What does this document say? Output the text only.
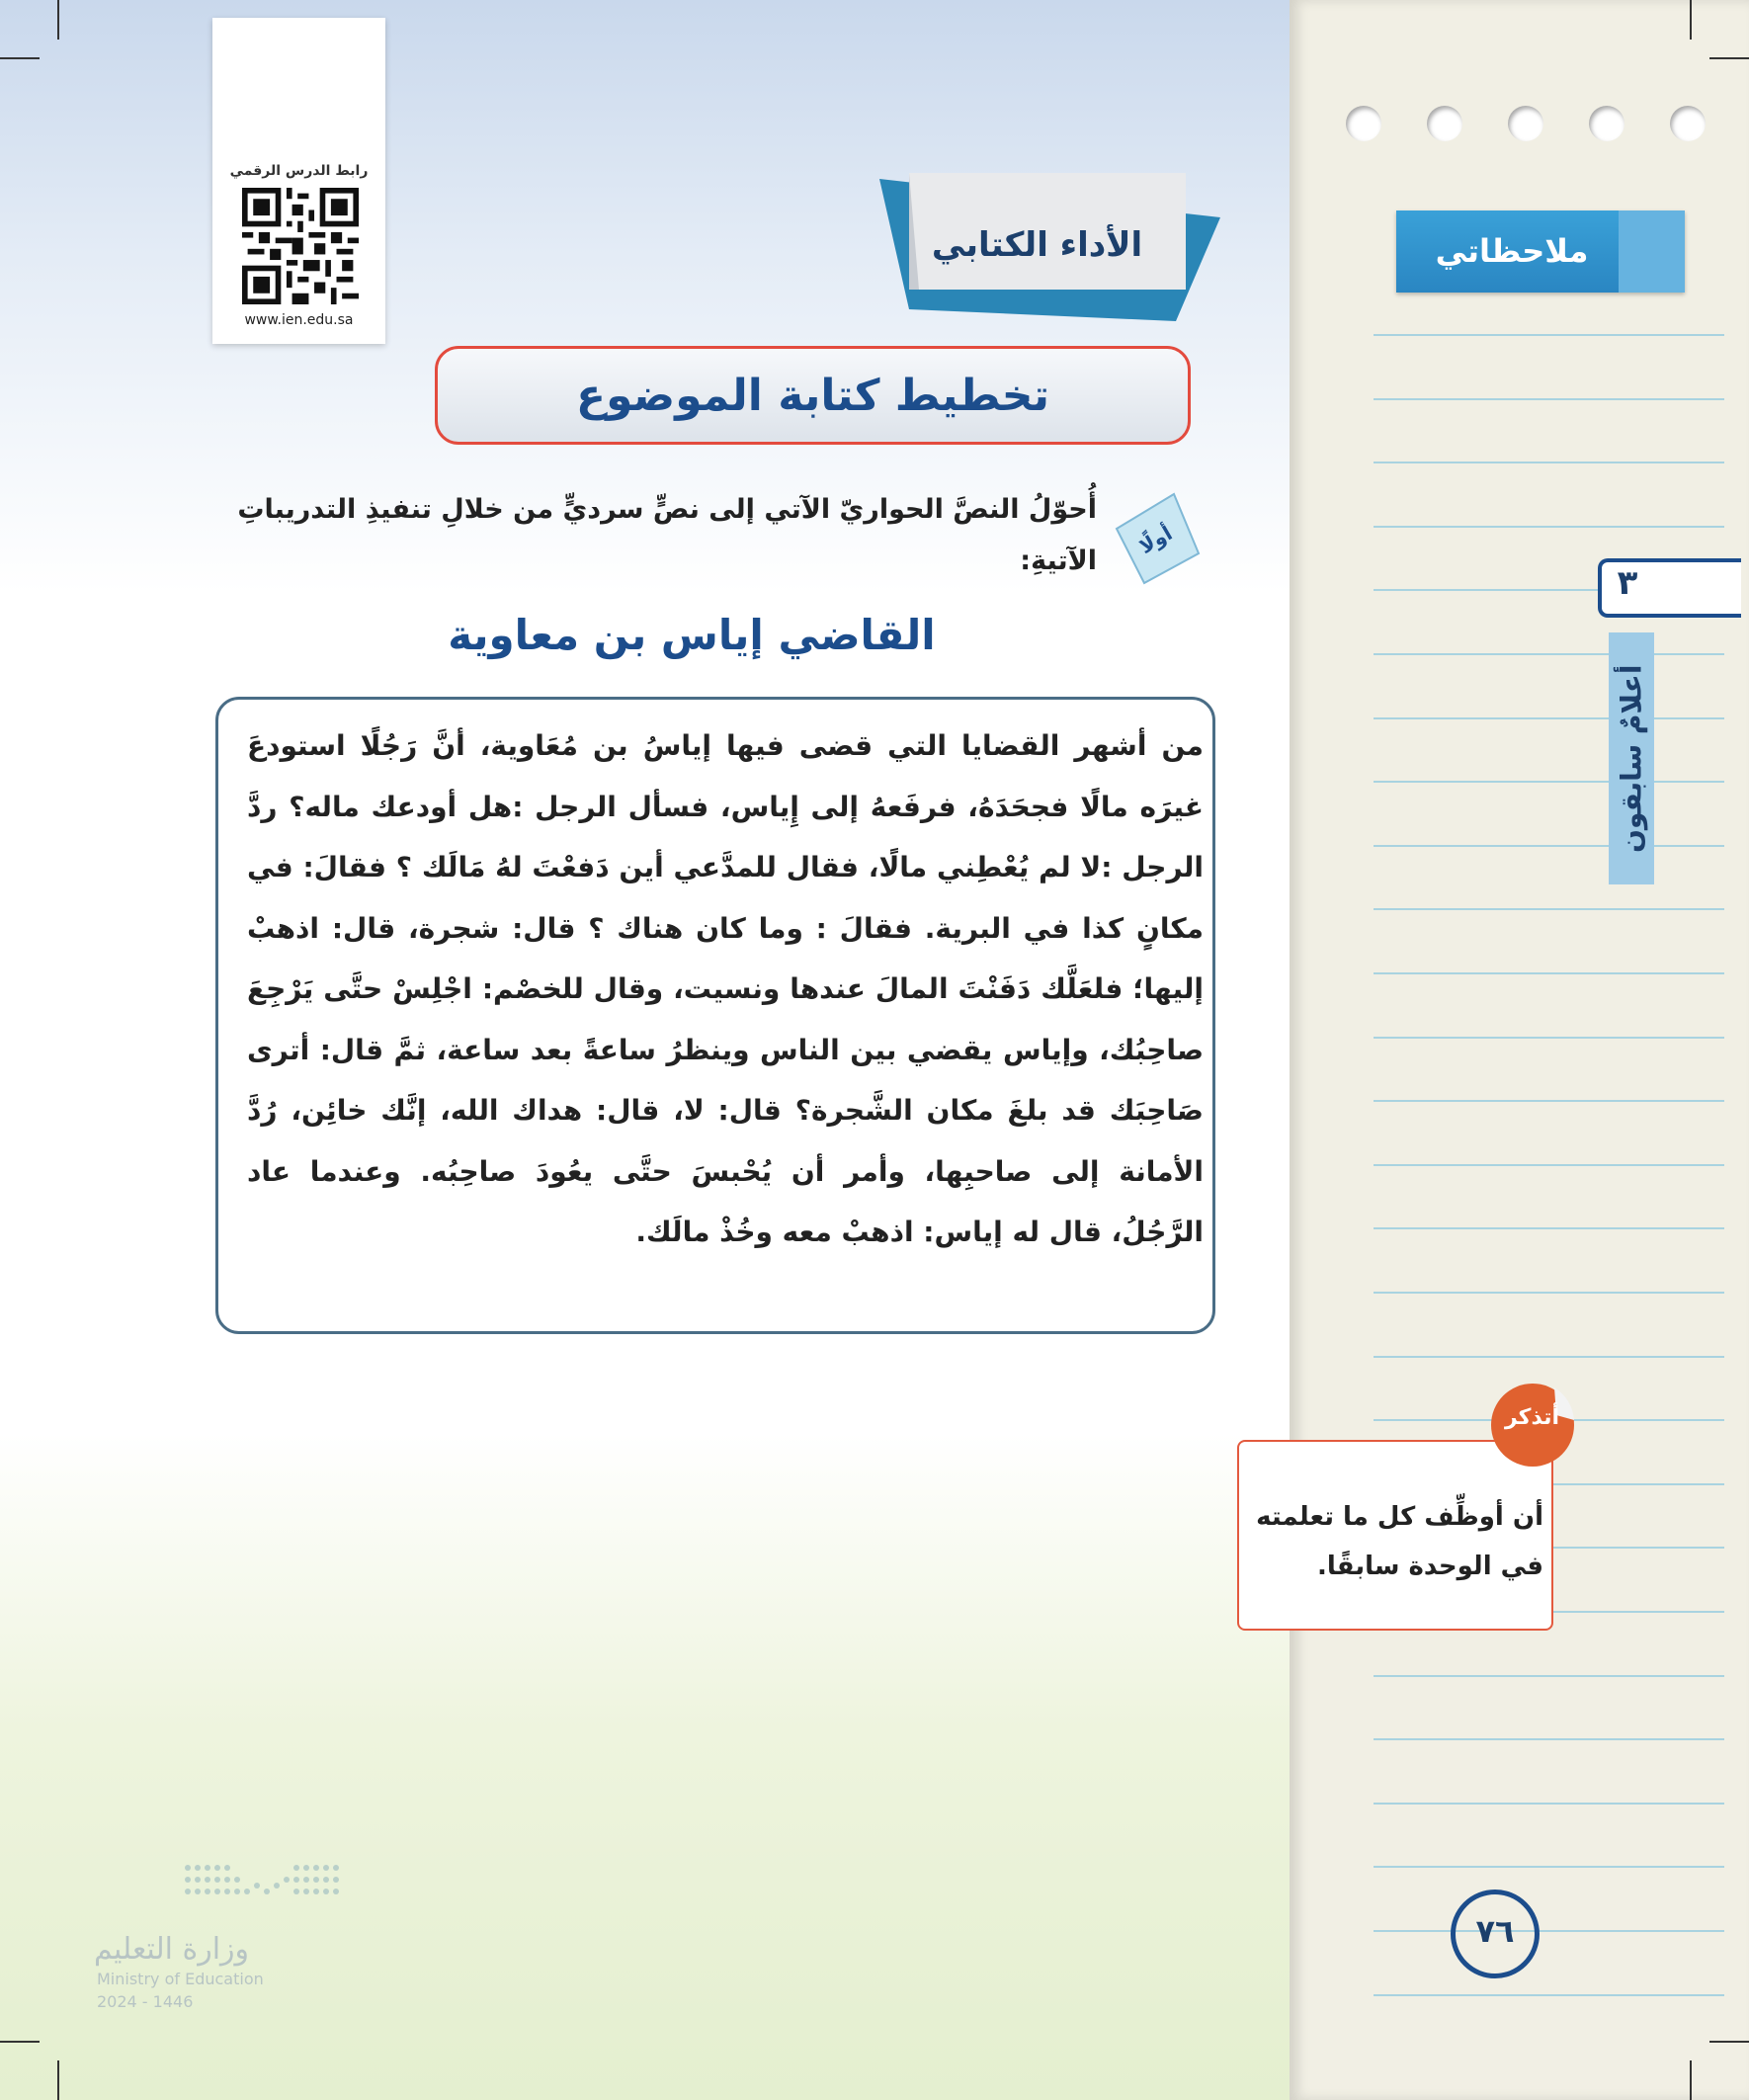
رابط الدرس الرقمي
www.ien.edu.sa
الأداء الكتابي
تخطيط كتابة الموضوع
أولًا
أُحوّلُ النصَّ الحواريّ الآتي إلى نصٍّ سرديٍّ من خلالِ تنفيذِ التدريباتِ الآتيةِ:
القاضي إياس بن معاوية
من أشهر القضايا التي قضى فيها إياسُ بن مُعَاوية، أنَّ رَجُلًا استودعَ غيرَه مالًا فجحَدَهُ، فرفَعهُ إلى إِياس، فسأل الرجل :هل أودعك ماله؟ ردَّ الرجل :لا لم يُعْطِني مالًا، فقال للمدَّعي أين دَفعْتَ لهُ مَالَك ؟ فقالَ: في مكانٍ كذا في البرية. فقالَ : وما كان هناك ؟ قال: شجرة، قال: اذهبْ إليها؛ فلعَلَّك دَفَنْتَ المالَ عندها ونسيت، وقال للخصْم: اجْلِسْ حتَّى يَرْجِعَ صاحِبُك، وإياس يقضي بين الناس وينظرُ ساعةً بعد ساعة، ثمَّ قال: أترى صَاحِبَك قد بلغَ مكان الشَّجرة؟ قال: لا، قال: هداك الله، إنَّك خائِن، رُدَّ الأمانة إلى صاحبِها، وأمر أن يُحْبسَ حتَّى يعُودَ صاحِبُه. وعندما عاد الرَّجُلُ، قال له إياس: اذهبْ معه وخُذْ مالَك.
ملاحظاتي
٣
أعلامٌ سابقون
أتذكر
أن أوظِّف كل ما تعلمته في الوحدة سابقًا.
٧٦
وزارة التعليم
Ministry of Education
2024 - 1446
